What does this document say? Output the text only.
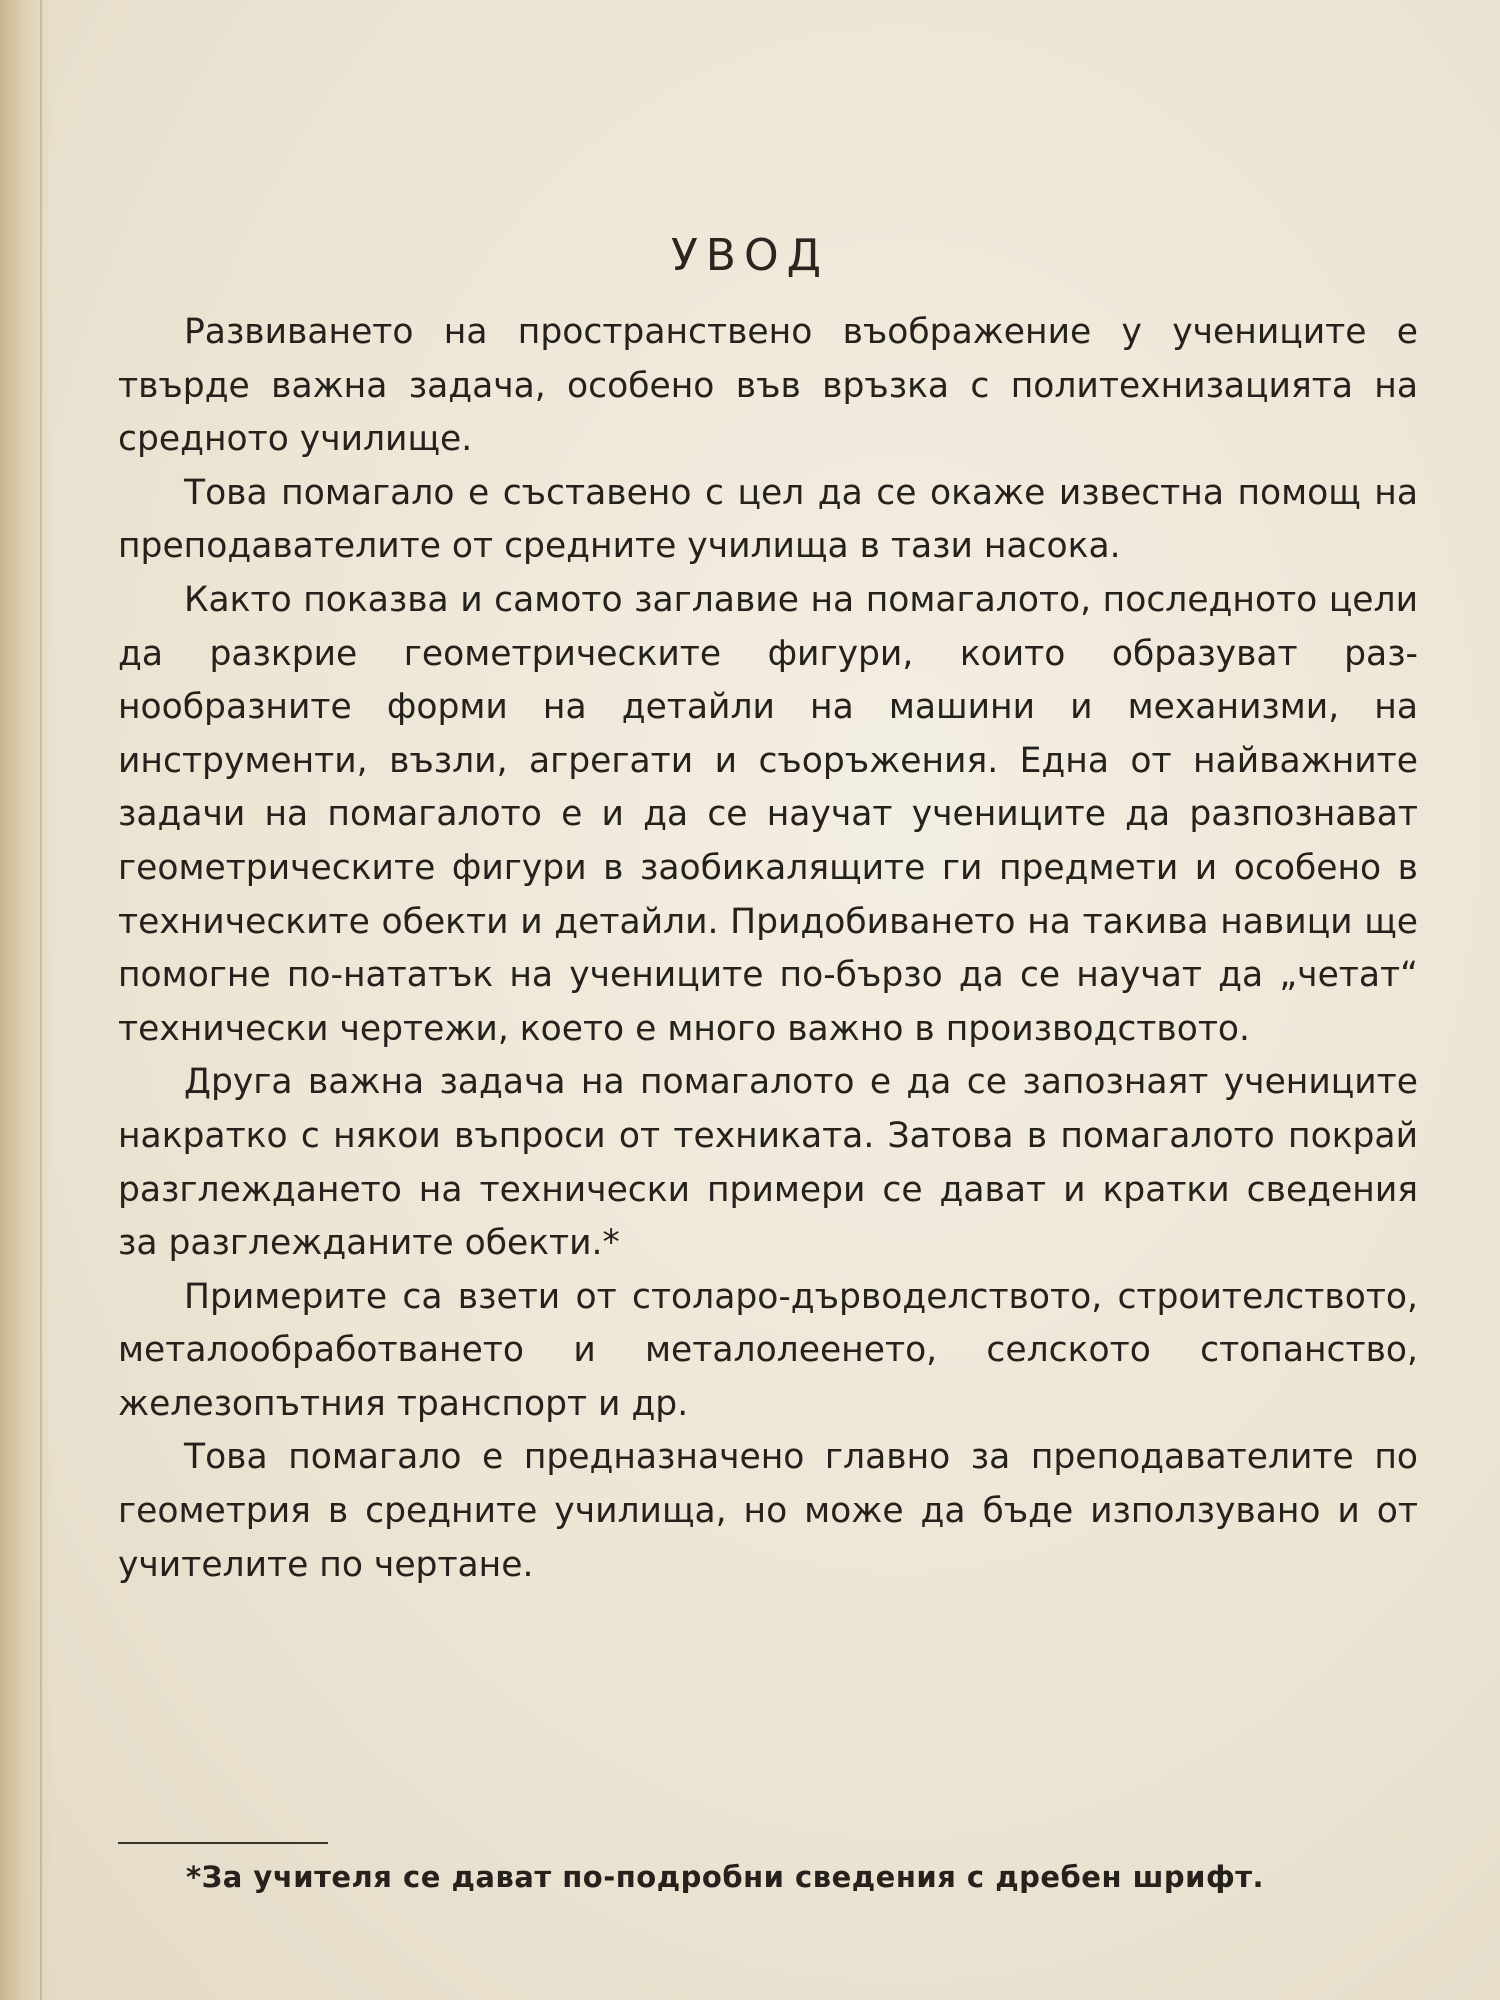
УВОД

Развиването на пространствено въображение у учениците е твърде важна задача, особено във връзка с политехнизацията на средното училище.

Това помагало е съставено с цел да се окаже известна помощ на преподавателите от средните училища в тази насока.

Както показва и самото заглавие на помагалото, последното цели да разкрие геометрическите фигури, които образуват разнообразните форми на детайли на машини и механизми, на инструменти, възли, агрегати и съоръжения. Една от найважните задачи на помагалото е и да се научат учениците да разпознават геометрическите фигури в заобикалящите ги предмети и особено в техническите обекти и детайли. Придобиването на такива навици ще помогне по-нататък на учениците по-бързо да се научат да „четат“ технически чертежи, което е много важно в производството.

Друга важна задача на помагалото е да се запознаят учениците накратко с някои въпроси от техниката. Затова в помагалото покрай разглеждането на технически примери се дават и кратки сведения за разглежданите обекти.*

Примерите са взети от столаро-дърводелството, строителството, металообработването и металолеенето, селското стопанство, железопътния транспорт и др.

Това помагало е предназначено главно за преподавателите по геометрия в средните училища, но може да бъде използувано и от учителите по чертане.

*За учителя се дават по-подробни сведения с дребен шрифт.
